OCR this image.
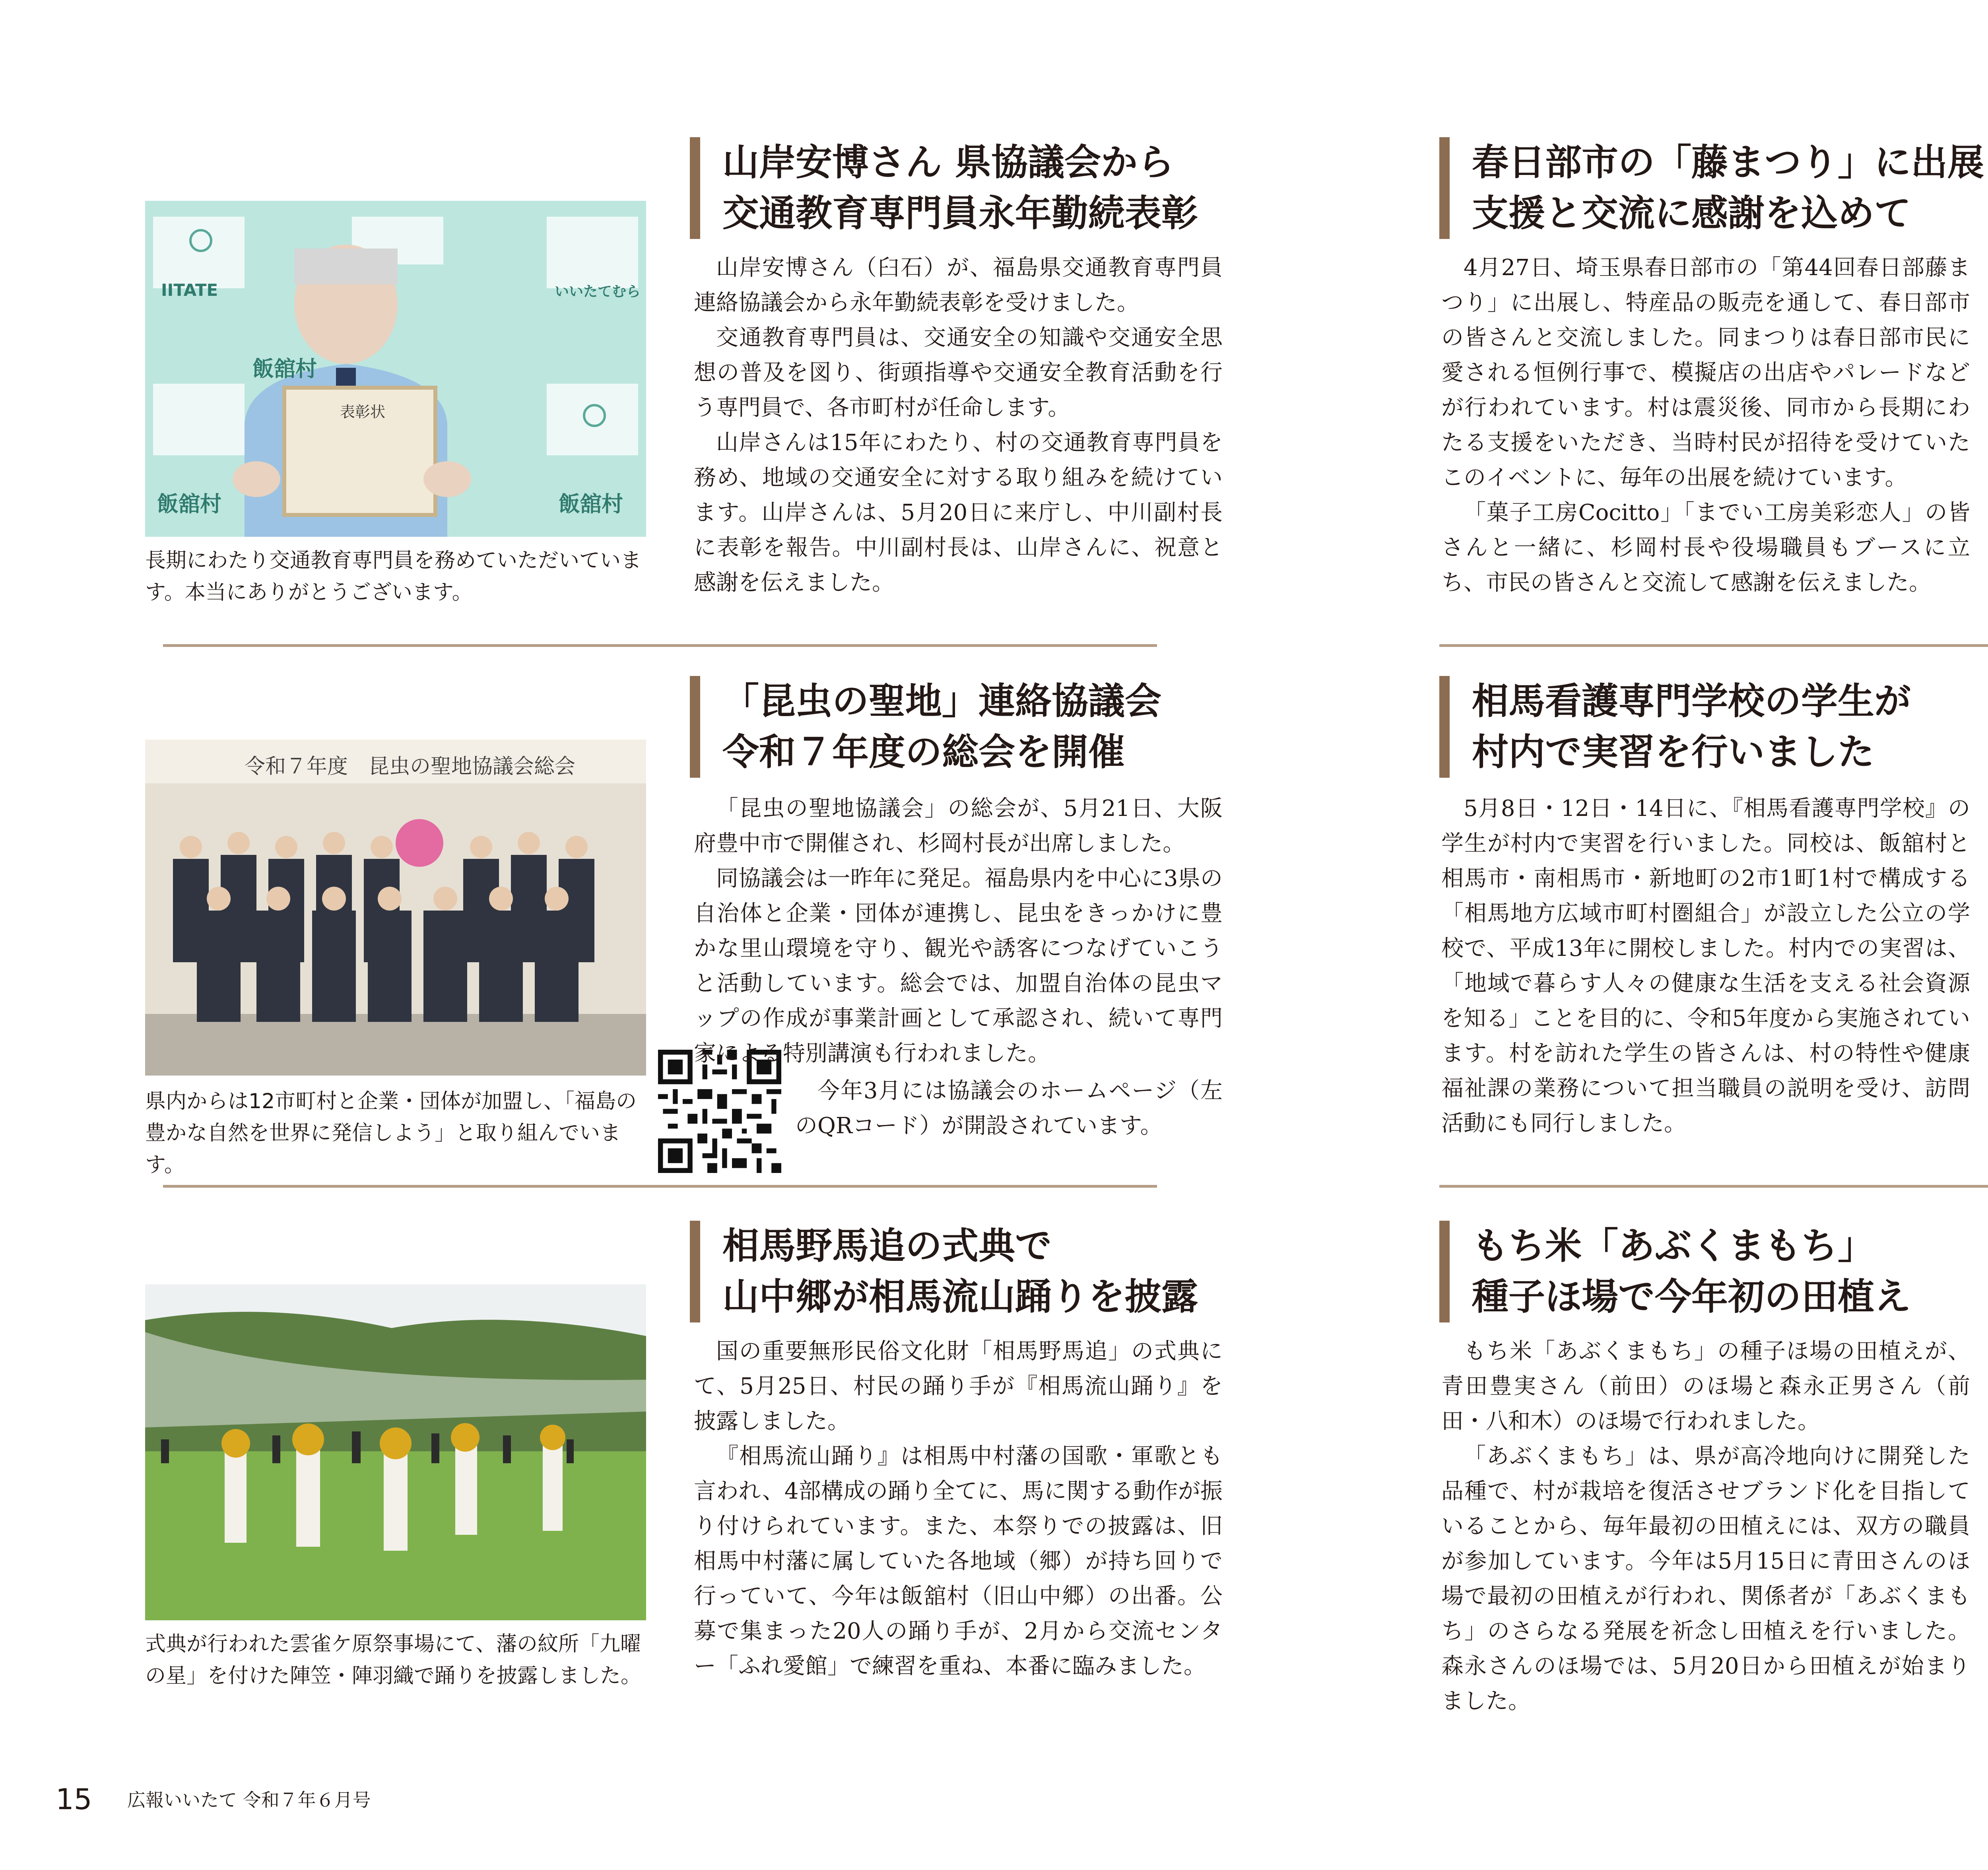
IITATE	いいたてむら
飯舘村	飯舘村
飯舘村
表彰状
長期にわたり交通教育専門員を務めていただいています。本当にありがとうございます。
山岸安博さん 県協議会から
交通教育専門員永年勤続表彰

山岸安博さん（臼石）が、福島県交通教育専門員連絡協議会から永年勤続表彰を受けました。

交通教育専門員は、交通安全の知識や交通安全思想の普及を図り、街頭指導や交通安全教育活動を行う専門員で、各市町村が任命します。

山岸さんは15年にわたり、村の交通教育専門員を務め、地域の交通安全に対する取り組みを続けています。山岸さんは、5月20日に来庁し、中川副村長に表彰を報告。中川副村長は、山岸さんに、祝意と感謝を伝えました。

令和７年度　昆虫の聖地協議会総会
県内からは12市町村と企業・団体が加盟し、「福島の豊かな自然を世界に発信しよう」と取り組んでいます。
「昆虫の聖地」連絡協議会
令和７年度の総会を開催

「昆虫の聖地協議会」の総会が、5月21日、大阪府豊中市で開催され、杉岡村長が出席しました。

同協議会は一昨年に発足。福島県内を中心に3県の自治体と企業・団体が連携し、昆虫をきっかけに豊かな里山環境を守り、観光や誘客につなげていこうと活動しています。総会では、加盟自治体の昆虫マップの作成が事業計画として承認され、続いて専門家による特別講演も行われました。

今年3月には協議会のホームページ（左のQRコード）が開設されています。

式典が行われた雲雀ケ原祭事場にて、藩の紋所「九曜の星」を付けた陣笠・陣羽織で踊りを披露しました。
相馬野馬追の式典で
山中郷が相馬流山踊りを披露

国の重要無形民俗文化財「相馬野馬追」の式典にて、5月25日、村民の踊り手が『相馬流山踊り』を披露しました。

『相馬流山踊り』は相馬中村藩の国歌・軍歌とも言われ、4部構成の踊り全てに、馬に関する動作が振り付けられています。また、本祭りでの披露は、旧相馬中村藩に属していた各地域（郷）が持ち回りで行っていて、今年は飯舘村（旧山中郷）の出番。公募で集まった20人の踊り手が、2月から交流センター「ふれ愛館」で練習を重ね、本番に臨みました。

春日部市の「藤まつり」に出展
支援と交流に感謝を込めて

4月27日、埼玉県春日部市の「第44回春日部藤まつり」に出展し、特産品の販売を通して、春日部市の皆さんと交流しました。同まつりは春日部市民に愛される恒例行事で、模擬店の出店やパレードなどが行われています。村は震災後、同市から長期にわたる支援をいただき、当時村民が招待を受けていたこのイベントに、毎年の出展を続けています。

「菓子工房Cocitto」「までい工房美彩恋人」の皆さんと一緒に、杉岡村長や役場職員もブースに立ち、市民の皆さんと交流して感謝を伝えました。

相馬看護専門学校の学生が
村内で実習を行いました

5月8日・12日・14日に、『相馬看護専門学校』の学生が村内で実習を行いました。同校は、飯舘村と相馬市・南相馬市・新地町の2市1町1村で構成する「相馬地方広域市町村圏組合」が設立した公立の学校で、平成13年に開校しました。村内での実習は、「地域で暮らす人々の健康な生活を支える社会資源を知る」ことを目的に、令和5年度から実施されています。村を訪れた学生の皆さんは、村の特性や健康福祉課の業務について担当職員の説明を受け、訪問活動にも同行しました。

もち米「あぶくまもち」
種子ほ場で今年初の田植え

もち米「あぶくまもち」の種子ほ場の田植えが、青田豊実さん（前田）のほ場と森永正男さん（前田・八和木）のほ場で行われました。

「あぶくまもち」は、県が高冷地向けに開発した品種で、村が栽培を復活させブランド化を目指していることから、毎年最初の田植えには、双方の職員が参加しています。今年は5月15日に青田さんのほ場で最初の田植えが行われ、関係者が「あぶくまもち」のさらなる発展を祈念し田植えを行いました。森永さんのほ場では、5月20日から田植えが始まりました。

15 広報いいたて 令和７年６月号
